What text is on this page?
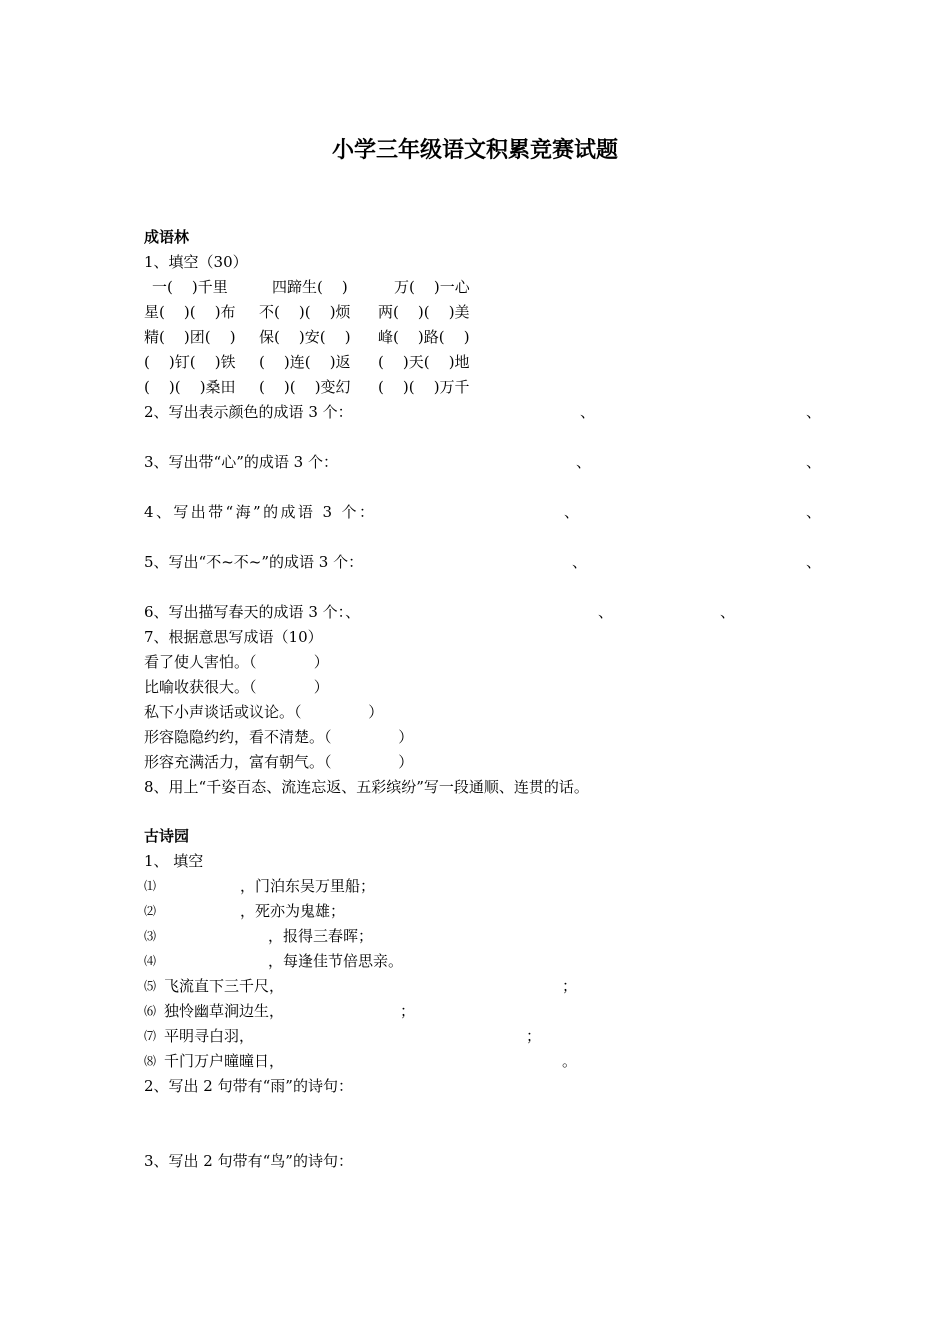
小学三年级语文积累竞赛试题
成语林
1、填空（30）
一(    )千里	四蹄生(    )	万(    )一心
星(    )(    )布 不(    )(    )烦 两(    )(    )美
精(    )团(    ) 保(    )安(    ) 峰(    )路(    )
(    )钉(    )铁 (    )连(    )返 (    )天(    )地
(    )(    )桑田 (    )(    )变幻 (    )(    )万千
2、写出表示颜色的成语 3 个：	、	、
3、写出带“心”的成语 3 个：	、	、
4、写出带“海”的成语 3 个：	、	、
5、写出“不~不~”的成语 3 个：	、	、
6、写出描写春天的成语 3 个：、	、	、
7、根据意思写成语（10）
看了使人害怕。（            ）
比喻收获很大。（            ）
私下小声谈话或议论。（              ）
形容隐隐约约，看不清楚。（              ）
形容充满活力，富有朝气。（              ）
8、用上“千姿百态、流连忘返、五彩缤纷”写一段通顺、连贯的话。
古诗园
1、 填空
⑴	，门泊东吴万里船；
⑵	，死亦为鬼雄；
⑶	，报得三春晖；
⑷	，每逢佳节倍思亲。
⑸ 飞流直下三千尺，	；
⑹ 独怜幽草涧边生，	；
⑺ 平明寻白羽，	；
⑻ 千门万户曈曈日，	。
2、写出 2 句带有“雨”的诗句：
3、写出 2 句带有“鸟”的诗句：
